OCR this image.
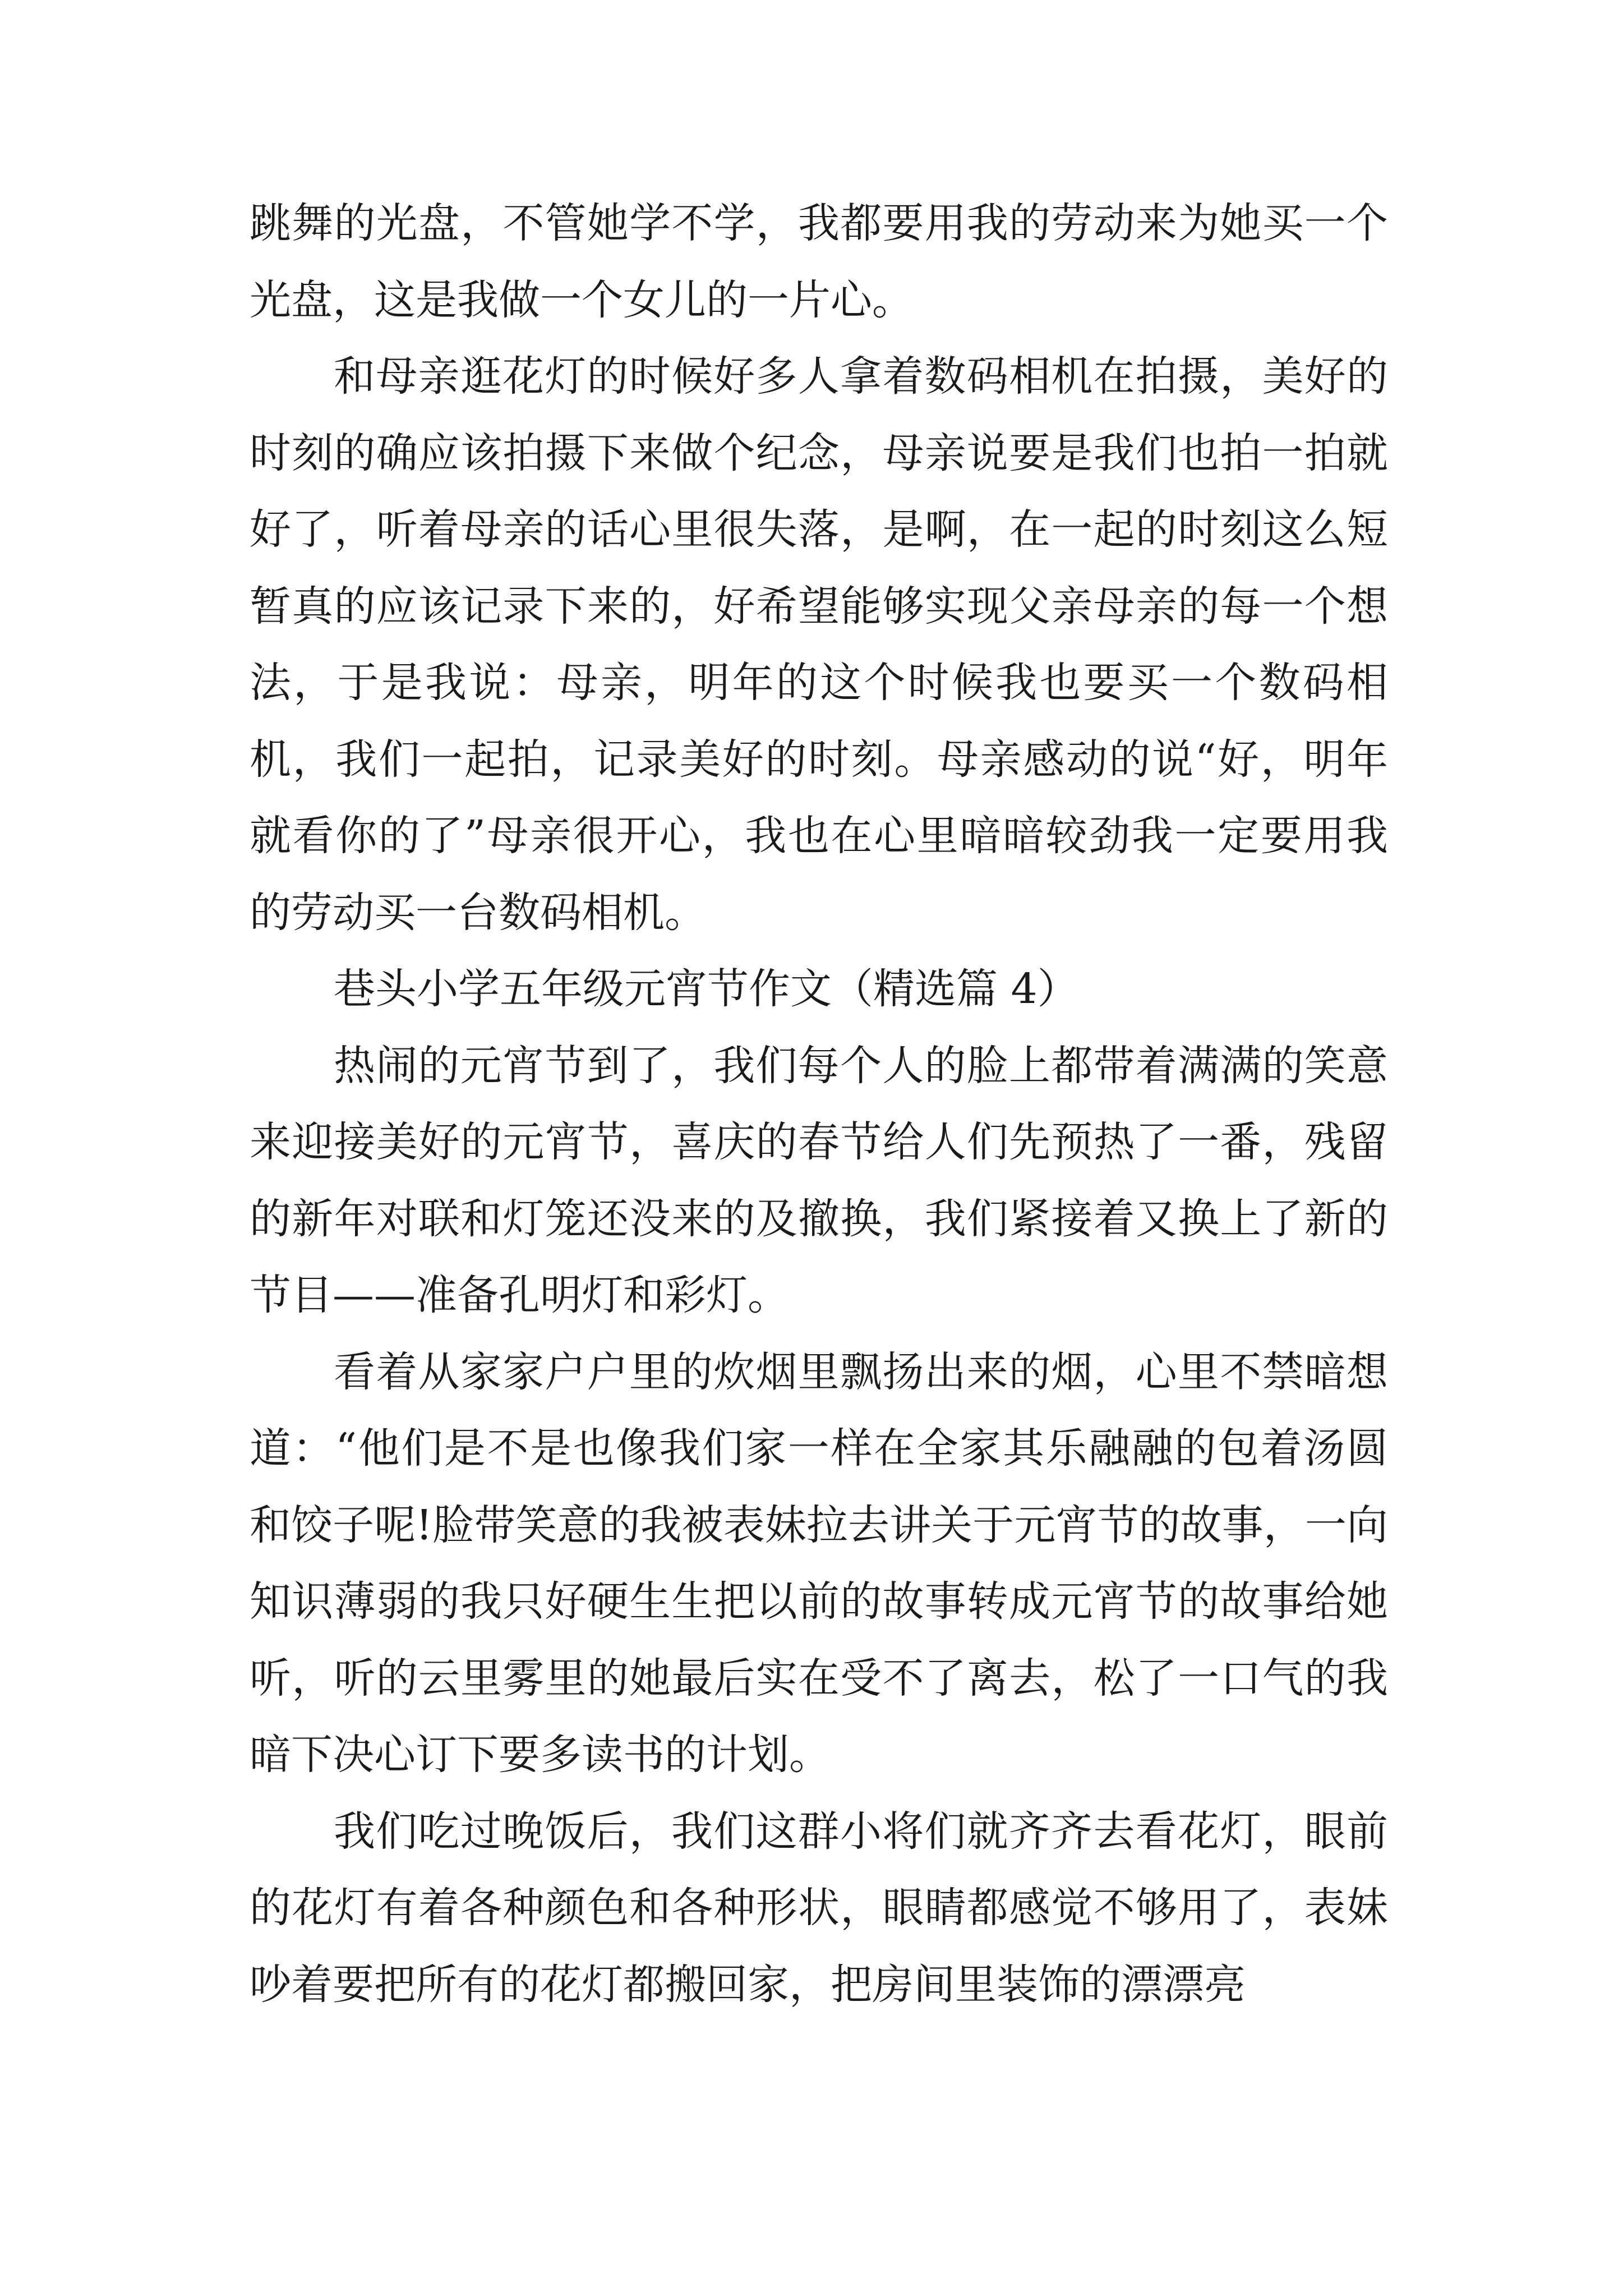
跳舞的光盘，不管她学不学，我都要用我的劳动来为她买一个光盘，这是我做一个女儿的一片心。

和母亲逛花灯的时候好多人拿着数码相机在拍摄，美好的时刻的确应该拍摄下来做个纪念，母亲说要是我们也拍一拍就好了，听着母亲的话心里很失落，是啊，在一起的时刻这么短暂真的应该记录下来的，好希望能够实现父亲母亲的每一个想法，于是我说：母亲，明年的这个时候我也要买一个数码相机，我们一起拍，记录美好的时刻。母亲感动的说“好，明年就看你的了”母亲很开心，我也在心里暗暗较劲我一定要用我的劳动买一台数码相机。

巷头小学五年级元宵节作文（精选篇 4）

热闹的元宵节到了，我们每个人的脸上都带着满满的笑意来迎接美好的元宵节，喜庆的春节给人们先预热了一番，残留的新年对联和灯笼还没来的及撤换，我们紧接着又换上了新的节目——准备孔明灯和彩灯。

看着从家家户户里的炊烟里飘扬出来的烟，心里不禁暗想道：“他们是不是也像我们家一样在全家其乐融融的包着汤圆和饺子呢!脸带笑意的我被表妹拉去讲关于元宵节的故事，一向知识薄弱的我只好硬生生把以前的故事转成元宵节的故事给她听，听的云里雾里的她最后实在受不了离去，松了一口气的我暗下决心订下要多读书的计划。

我们吃过晚饭后，我们这群小将们就齐齐去看花灯，眼前的花灯有着各种颜色和各种形状，眼睛都感觉不够用了，表妹吵着要把所有的花灯都搬回家，把房间里装饰的漂漂亮
